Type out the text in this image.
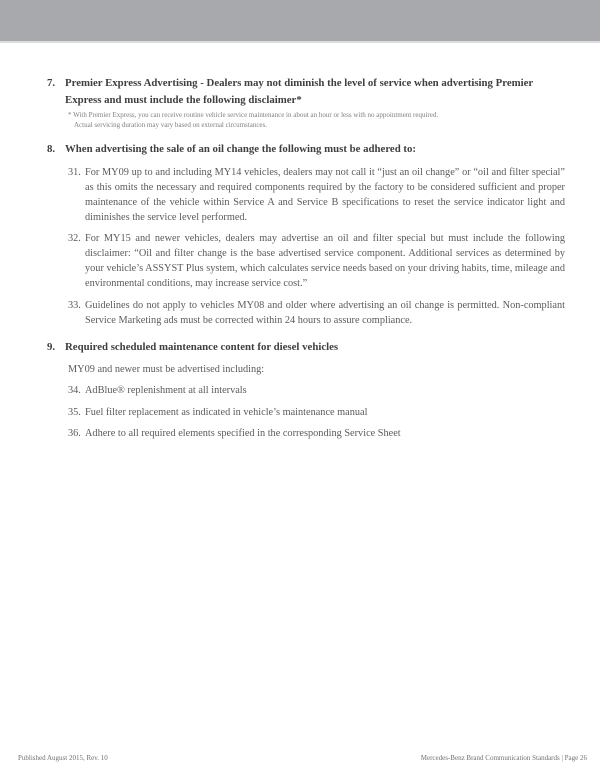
7. Premier Express Advertising - Dealers may not diminish the level of service when advertising Premier Express and must include the following disclaimer*
* With Premier Express, you can receive routine vehicle service maintenance in about an hour or less with no appointment required.
Actual servicing duration may vary based on external circumstances.
8. When advertising the sale of an oil change the following must be adhered to:
31. For MY09 up to and including MY14 vehicles, dealers may not call it “just an oil change” or “oil and filter special” as this omits the necessary and required components required by the factory to be considered sufficient and proper maintenance of the vehicle within Service A and Service B specifications to reset the service indicator light and diminishes the service level performed.

32. For MY15 and newer vehicles, dealers may advertise an oil and filter special but must include the following disclaimer: “Oil and filter change is the base advertised service component. Additional services as determined by your vehicle’s ASSYST Plus system, which calculates service needs based on your driving habits, time, mileage and environmental conditions, may increase service cost.”

33. Guidelines do not apply to vehicles MY08 and older where advertising an oil change is permitted. Non-compliant Service Marketing ads must be corrected within 24 hours to assure compliance.

9. Required scheduled maintenance content for diesel vehicles

MY09 and newer must be advertised including:

34. AdBlue® replenishment at all intervals

35. Fuel filter replacement as indicated in vehicle’s maintenance manual

36. Adhere to all required elements specified in the corresponding Service Sheet

Published August 2015, Rev. 10	Mercedes-Benz Brand Communication Standards | Page 26
